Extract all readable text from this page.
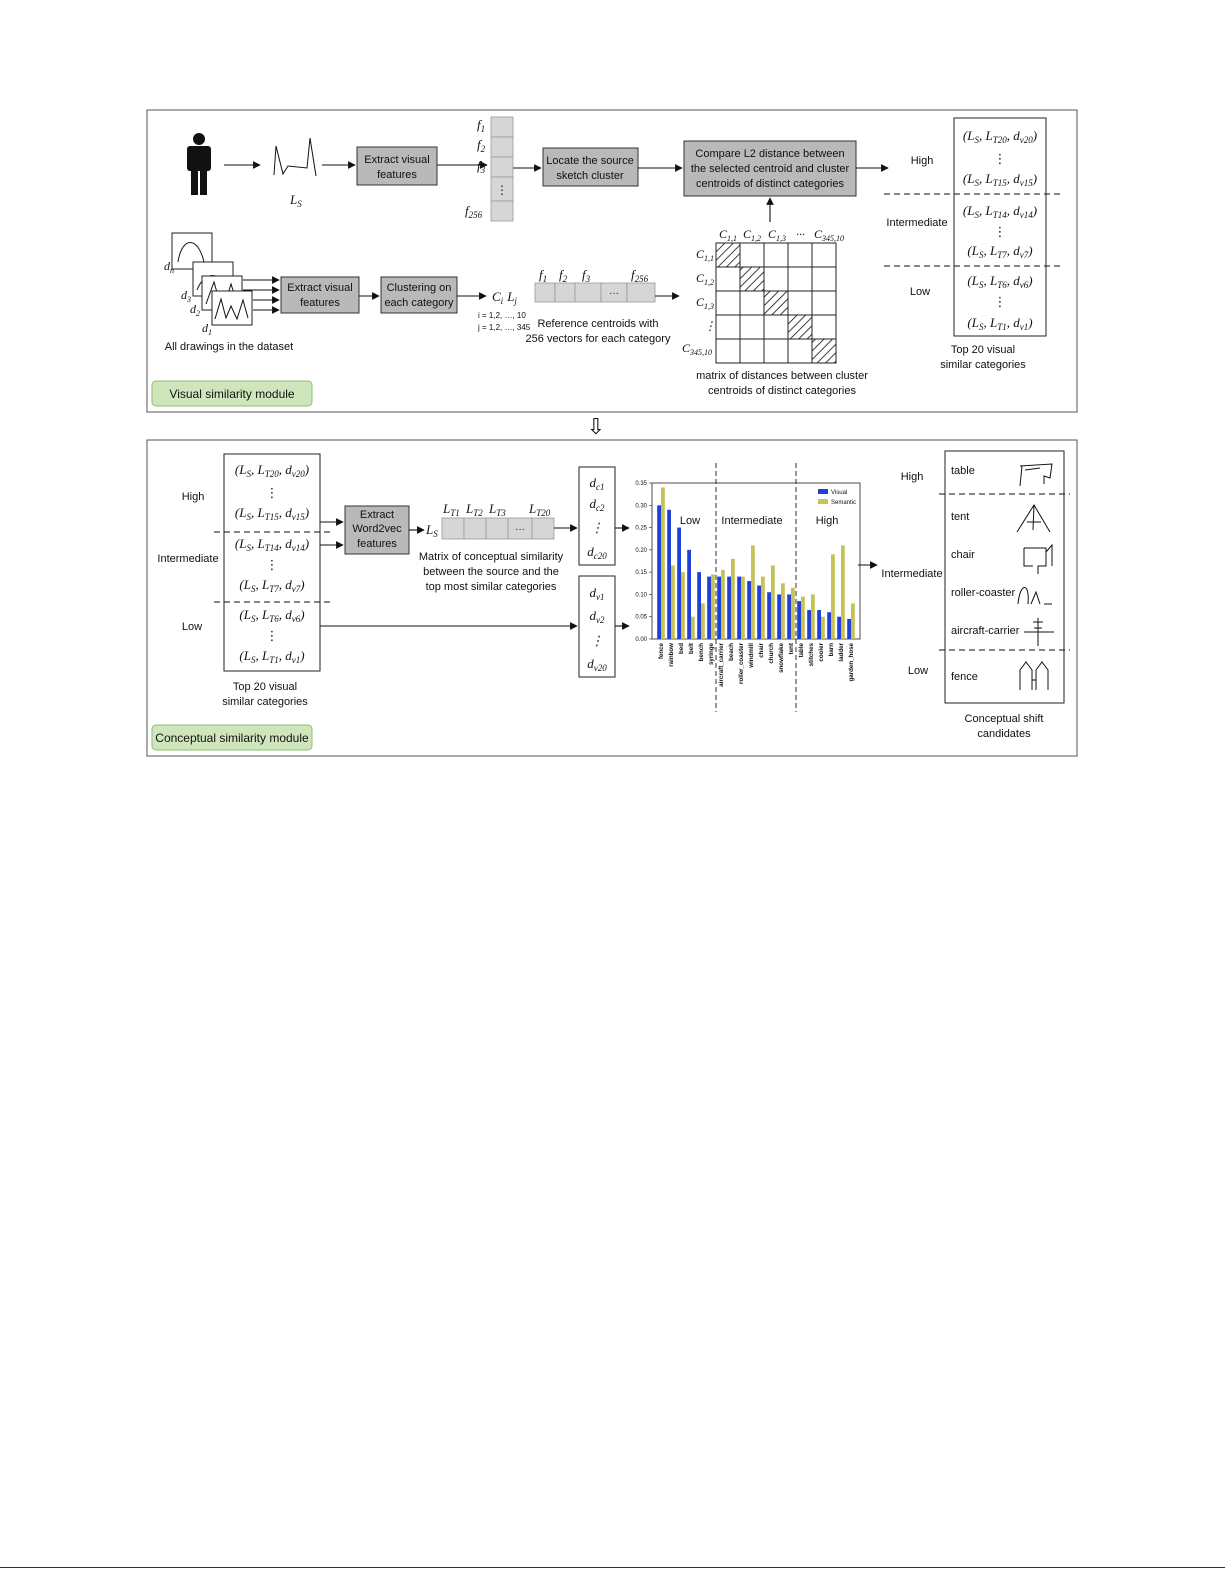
$L_S$
Extract visual
features
⋮
$f_1$
$f_2$
$f_3$
$f_{256}$
Locate the source
sketch cluster
Compare L2 distance between
the selected centroid and cluster
centroids of distinct categories
$d_n$
$d_3$
$d_2$
$d_1$
All drawings in the dataset
Extract visual
features
Clustering on
each category	$C_i$ $L_j$
i = 1,2, …, 10
j = 1,2, …, 345
···
$f_1$ $f_2$ $f_3$	$f_{256}$
Reference centroids with
256 vectors for each category
$C_{1,1}$ $C_{1,2}$ $C_{1,3}$ ··· $C_{345,10}$
$C_{1,1}$
$C_{1,2}$
$C_{1,3}$
⋮
$C_{345,10}$
matrix of distances between cluster
centroids of distinct categories
High
Intermediate
Low
($L_S$, $L_{T20}$, $d_{v20}$)
($L_S$, $L_{T15}$, $d_{v15}$)
($L_S$, $L_{T14}$, $d_{v14}$)
($L_S$, $L_{T7}$, $d_{v7}$)
($L_S$, $L_{T6}$, $d_{v6}$)
($L_S$, $L_{T1}$, $d_{v1}$)
⋮
⋮
⋮
Top 20 visual
similar categories
Visual similarity module
⇩
High
Intermediate
Low
($L_S$, $L_{T20}$, $d_{v20}$)
($L_S$, $L_{T15}$, $d_{v15}$)
($L_S$, $L_{T14}$, $d_{v14}$)
($L_S$, $L_{T7}$, $d_{v7}$)
($L_S$, $L_{T6}$, $d_{v6}$)
($L_S$, $L_{T1}$, $d_{v1}$)
⋮
⋮
⋮
Top 20 visual
similar categories
Extract
Word2vec
features
$L_S$	···
$L_{T1}$ $L_{T2}$ $L_{T3}$ $L_{T20}$
Matrix of conceptual similarity
between the source and the
top most similar categories
$d_{c1}$
$d_{c2}$
⋮
$d_{c20}$
$d_{v1}$
$d_{v2}$
⋮
$d_{v20}$
0.00
0.05
0.10
0.15
0.20
0.25
0.30
0.35
fence rainbow bed belt bench syringe aircraft_carrier beach roller_coaster windmill chair church snowflake tent table stitches cooler barn ladder garden_hose
Low Intermediate	High
Visual
Semantic
High
Intermediate
Low
table
tent
chair
roller-coaster
aircraft-carrier
fence
Conceptual shift
candidates
Conceptual similarity module
